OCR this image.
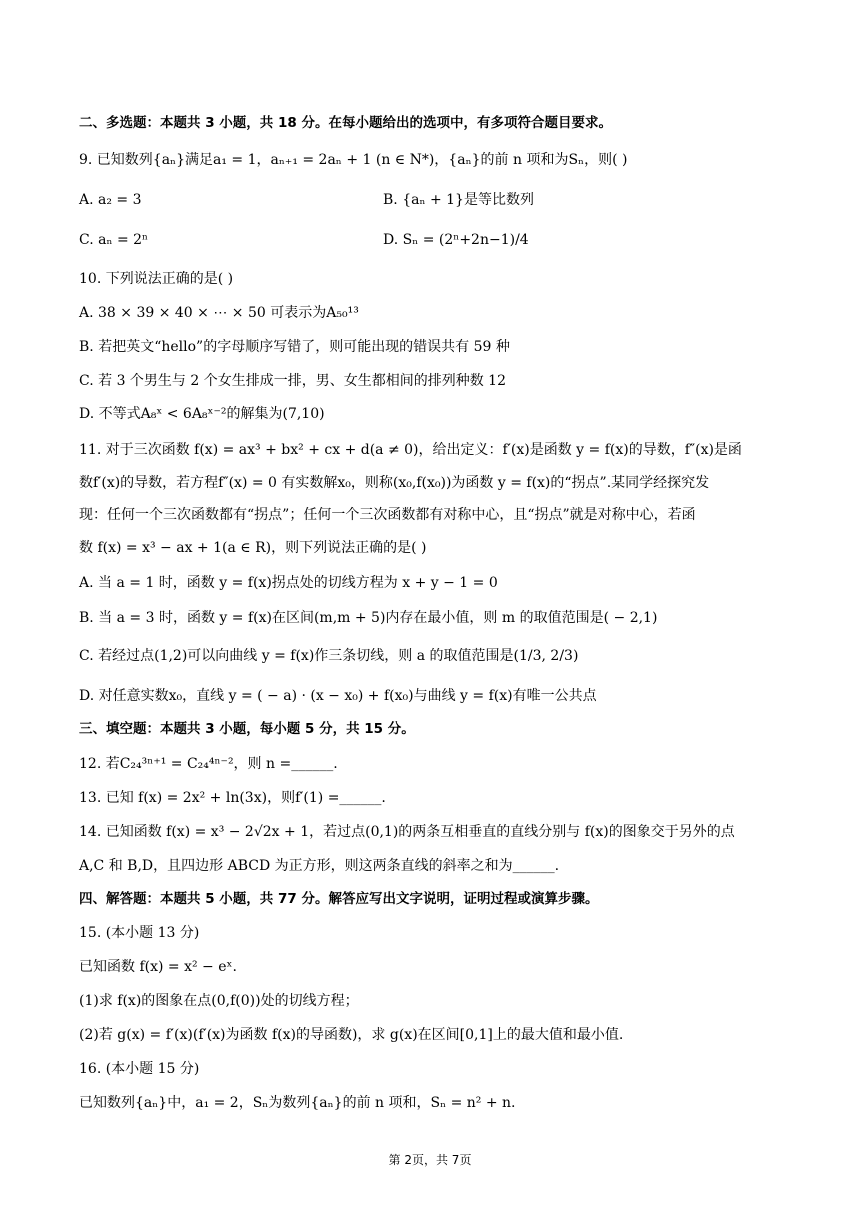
二、多选题：本题共 3 小题，共 18 分。在每小题给出的选项中，有多项符合题目要求。
9. 已知数列{aₙ}满足a₁ = 1，aₙ₊₁ = 2aₙ + 1 (n ∈ N*)，{aₙ}的前 n 项和为Sₙ，则( )
A. a₂ = 3	B. {aₙ + 1}是等比数列
C. aₙ = 2ⁿ	D. Sₙ = (2ⁿ+2n−1)/4
10. 下列说法正确的是( )
A. 38 × 39 × 40 × ⋯ × 50 可表示为A₅₀¹³
B. 若把英文“hello”的字母顺序写错了，则可能出现的错误共有 59 种
C. 若 3 个男生与 2 个女生排成一排，男、女生都相间的排列种数 12
D. 不等式A₈ˣ < 6A₈ˣ⁻²的解集为(7,10)
11. 对于三次函数 f(x) = ax³ + bx² + cx + d(a ≠ 0)，给出定义：f′(x)是函数 y = f(x)的导数，f″(x)是函
数f′(x)的导数，若方程f″(x) = 0 有实数解x₀，则称(x₀,f(x₀))为函数 y = f(x)的“拐点”.某同学经探究发
现：任何一个三次函数都有“拐点”；任何一个三次函数都有对称中心，且“拐点”就是对称中心，若函
数 f(x) = x³ − ax + 1(a ∈ R)，则下列说法正确的是( )
A. 当 a = 1 时，函数 y = f(x)拐点处的切线方程为 x + y − 1 = 0
B. 当 a = 3 时，函数 y = f(x)在区间(m,m + 5)内存在最小值，则 m 的取值范围是( − 2,1)
C. 若经过点(1,2)可以向曲线 y = f(x)作三条切线，则 a 的取值范围是(1/3, 2/3)
D. 对任意实数x₀，直线 y = ( − a) · (x − x₀) + f(x₀)与曲线 y = f(x)有唯一公共点
三、填空题：本题共 3 小题，每小题 5 分，共 15 分。
12. 若C₂₄³ⁿ⁺¹ = C₂₄⁴ⁿ⁻²，则 n =______.
13. 已知 f(x) = 2x² + ln(3x)，则f′(1) =______.
14. 已知函数 f(x) = x³ − 2√2x + 1，若过点(0,1)的两条互相垂直的直线分别与 f(x)的图象交于另外的点
A,C 和 B,D，且四边形 ABCD 为正方形，则这两条直线的斜率之和为______.
四、解答题：本题共 5 小题，共 77 分。解答应写出文字说明，证明过程或演算步骤。
15. (本小题 13 分)
已知函数 f(x) = x² − eˣ.
(1)求 f(x)的图象在点(0,f(0))处的切线方程；
(2)若 g(x) = f′(x)(f′(x)为函数 f(x)的导函数)，求 g(x)在区间[0,1]上的最大值和最小值.
16. (本小题 15 分)
已知数列{aₙ}中，a₁ = 2，Sₙ为数列{aₙ}的前 n 项和，Sₙ = n² + n.
第 2页，共 7页
